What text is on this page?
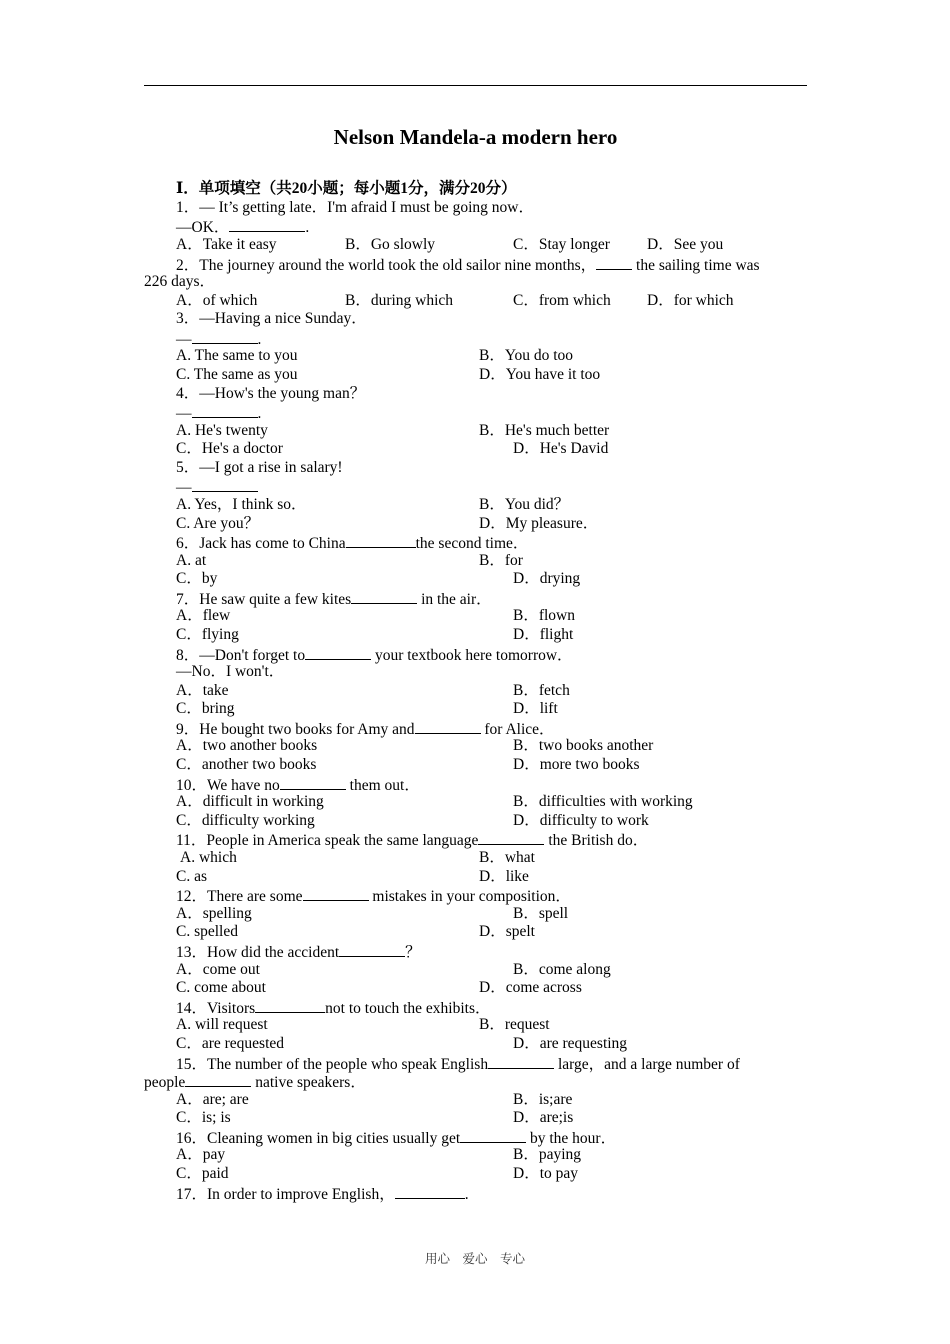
Nelson Mandela-a modern hero
Ⅰ．单项填空（共20小题；每小题1分，满分20分）
1．— It’s getting late．I'm afraid I must be going now．
—OK．	.
A．Take it easy	B．Go slowly	C．Stay longer D．See you
2．The journey around the world took the old sailor nine months， the sailing time was
226 days．
A．of which	B．during which	C．from which D．for which
3．—Having a nice Sunday．
—	.
A. The same to you	B．You do too
C. The same as you	D．You have it too
4．—How's the young man？
—	.
A. He's twenty	B．He's much better
C．He's a doctor	D．He's David
5．—I got a rise in salary!
—
A. Yes，I think so．	B．You did？
C. Are you？	D．My pleasure．
6．Jack has come to China	the second time．
A. at	B．for
C．by	D．drying
7．He saw quite a few kites	in the air．
A．flew	B．flown
C．flying	D．flight
8．—Don't forget to	your textbook here tomorrow．
—No．I won't．
A．take	B．fetch
C．bring	D．lift
9．He bought two books for Amy and	for Alice．
A．two another books	B．two books another
C．another two books	D．more two books
10．We have no	them out．
A．difficult in working	B．difficulties with working
C．difficulty working	D．difficulty to work
11．People in America speak the same language	the British do．
A. which	B．what
C. as	D．like
12．There are some	mistakes in your composition．
A．spelling	B．spell
C. spelled	D．spelt
13．How did the accident	？
A．come out	B．come along
C. come about	D．come across
14．Visitors	not to touch the exhibits．
A. will request	B．request
C．are requested	D．are requesting
15．The number of the people who speak English	large，and a large number of
people	native speakers．
A．are; are	B．is;are
C．is; is	D．are;is
16．Cleaning women in big cities usually get	by the hour．
A．pay	B．paying
C．paid	D．to pay
17．In order to improve English，	.
用心　爱心　专心
